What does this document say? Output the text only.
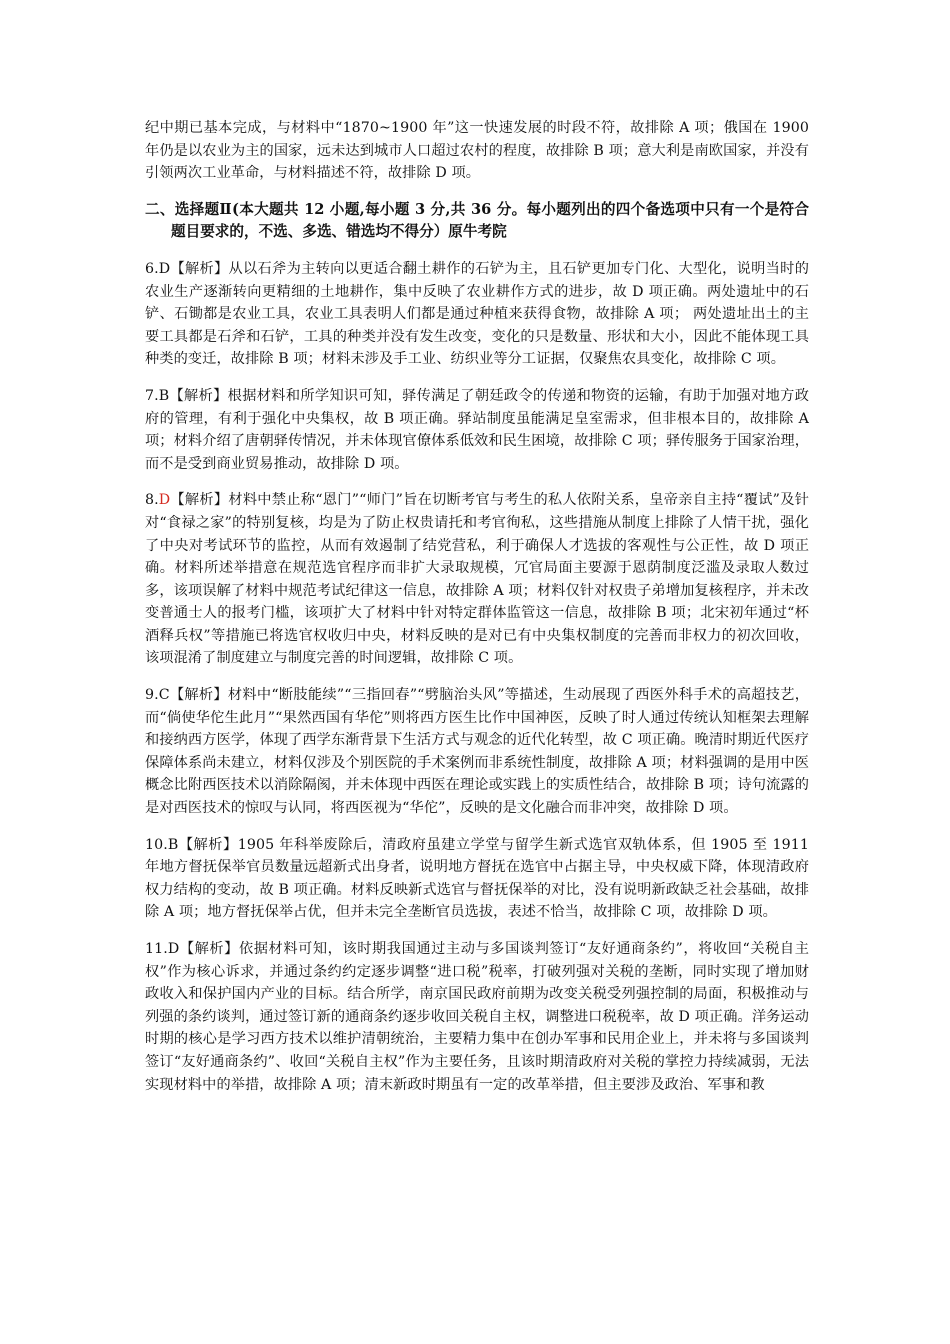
纪中期已基本完成，与材料中“1870~1900 年”这一快速发展的时段不符，故排除 A 项；俄国在 1900 年仍是以农业为主的国家，远未达到城市人口超过农村的程度，故排除 B 项；意大利是南欧国家，并没有引领两次工业革命，与材料描述不符，故排除 D 项。

二、选择题Ⅱ(本大题共 12 小题,每小题 3 分,共 36 分。每小题列出的四个备选项中只有一个是符合题目要求的，不选、多选、错选均不得分）原牛考院

6.D【解析】从以石斧为主转向以更适合翻土耕作的石铲为主，且石铲更加专门化、大型化，说明当时的农业生产逐渐转向更精细的土地耕作，集中反映了农业耕作方式的进步，故 D 项正确。两处遗址中的石铲、石锄都是农业工具，农业工具表明人们都是通过种植来获得食物，故排除 A 项； 两处遗址出土的主要工具都是石斧和石铲，工具的种类并没有发生改变，变化的只是数量、形状和大小，因此不能体现工具种类的变迁，故排除 B 项；材料未涉及手工业、纺织业等分工证据，仅聚焦农具变化，故排除 C 项。

7.B【解析】根据材料和所学知识可知，驿传满足了朝廷政令的传递和物资的运输，有助于加强对地方政府的管理，有利于强化中央集权，故 B 项正确。驿站制度虽能满足皇室需求，但非根本目的，故排除 A 项；材料介绍了唐朝驿传情况，并未体现官僚体系低效和民生困境，故排除 C 项；驿传服务于国家治理，而不是受到商业贸易推动，故排除 D 项。

8.D【解析】材料中禁止称“恩门”“师门”旨在切断考官与考生的私人依附关系，皇帝亲自主持“覆试”及针对“食禄之家”的特别复核，均是为了防止权贵请托和考官徇私，这些措施从制度上排除了人情干扰，强化了中央对考试环节的监控，从而有效遏制了结党营私，利于确保人才选拔的客观性与公正性，故 D 项正确。材料所述举措意在规范选官程序而非扩大录取规模，冗官局面主要源于恩荫制度泛滥及录取人数过多，该项误解了材料中规范考试纪律这一信息，故排除 A 项；材料仅针对权贵子弟增加复核程序，并未改变普通士人的报考门槛，该项扩大了材料中针对特定群体监管这一信息，故排除 B 项；北宋初年通过“杯酒释兵权”等措施已将选官权收归中央，材料反映的是对已有中央集权制度的完善而非权力的初次回收，该项混淆了制度建立与制度完善的时间逻辑，故排除 C 项。

9.C【解析】材料中“断肢能续”“三指回春”“劈脑治头风”等描述，生动展现了西医外科手术的高超技艺，而“倘使华佗生此月”“果然西国有华佗”则将西方医生比作中国神医，反映了时人通过传统认知框架去理解和接纳西方医学，体现了西学东渐背景下生活方式与观念的近代化转型，故 C 项正确。晚清时期近代医疗保障体系尚未建立，材料仅涉及个别医院的手术案例而非系统性制度，故排除 A 项；材料强调的是用中医概念比附西医技术以消除隔阂，并未体现中西医在理论或实践上的实质性结合，故排除 B 项；诗句流露的是对西医技术的惊叹与认同，将西医视为“华佗”，反映的是文化融合而非冲突，故排除 D 项。

10.B【解析】1905 年科举废除后，清政府虽建立学堂与留学生新式选官双轨体系，但 1905 至 1911 年地方督抚保举官员数量远超新式出身者，说明地方督抚在选官中占据主导，中央权威下降，体现清政府权力结构的变动，故 B 项正确。材料反映新式选官与督抚保举的对比，没有说明新政缺乏社会基础，故排除 A 项；地方督抚保举占优，但并未完全垄断官员选拔，表述不恰当，故排除 C 项，故排除 D 项。

11.D【解析】依据材料可知，该时期我国通过主动与多国谈判签订“友好通商条约”，将收回“关税自主权”作为核心诉求，并通过条约约定逐步调整“进口税”税率，打破列强对关税的垄断，同时实现了增加财政收入和保护国内产业的目标。结合所学，南京国民政府前期为改变关税受列强控制的局面，积极推动与列强的条约谈判，通过签订新的通商条约逐步收回关税自主权，调整进口税税率，故 D 项正确。洋务运动时期的核心是学习西方技术以维护清朝统治，主要精力集中在创办军事和民用企业上，并未将与多国谈判签订“友好通商条约”、收回“关税自主权”作为主要任务，且该时期清政府对关税的掌控力持续减弱，无法实现材料中的举措，故排除 A 项；清末新政时期虽有一定的改革举措，但主要涉及政治、军事和教
